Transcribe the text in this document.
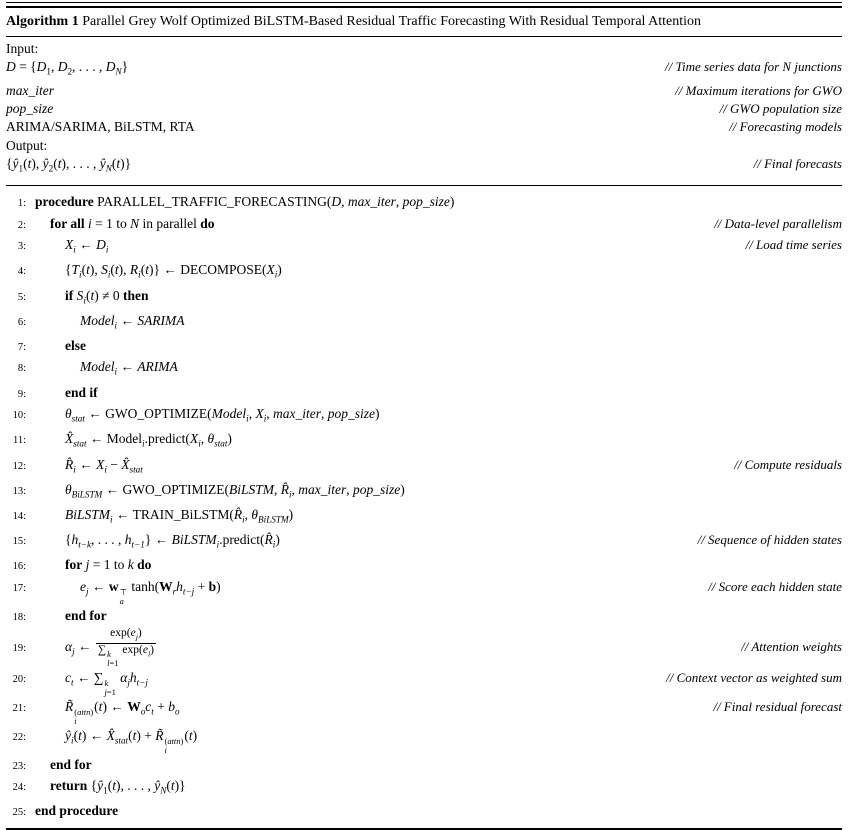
Algorithm 1 Parallel Grey Wolf Optimized BiLSTM-Based Residual Traffic Forecasting With Residual Temporal Attention
Input:
$D = \{D_1$, $D_2$, . . . , $D_N$}	// Time series data for N junctions
max_iter	// Maximum iterations for GWO
pop_size	// GWO population size
ARIMA/SARIMA, BiLSTM, RTA	// Forecasting models
Output:
{$ŷ_1(t)$, $ŷ_2(t)$, . . . , $ŷ_N(t)$}	// Final forecasts
1: procedure PARALLEL_TRAFFIC_FORECASTING(D, max_iter, pop_size)
2:	for all i = 1 to N in parallel do	// Data-level parallelism
3:	$X_i$ ← $D_i$	// Load time series
4:	{$T_i(t)$, $S_i(t)$, $R_i(t)$} ← $DECOMPOSE(X_i)$
5:	if $S_i(t) \ne 0$ then
6:	Model$_i$ ← SARIMA
7:	else
8:	Model$_i$ ← ARIMA
9:	end if
10:	$\theta_{stat}$ ← GWO_OPTIMIZE(Model$_i$, $X_i$, max_iter, pop_size)
11:	$X̂_{stat}$ ← $Model_i.predict(X_i$, $\theta_{stat}$)
12:	$R̂_i$ ← $X_i$ − $X̂_{stat}$	// Compute residuals
13:	$\theta_{BiLSTM}$ ← GWO_OPTIMIZE(BiLSTM, $R̂_i$, max_iter, pop_size)
14:	BiLSTM$_i$ ← $TRAIN\_BiLSTM(R̂_i$, $\theta_{BiLSTM}$)
15:	{$h_{t-k}$, . . . , $h_{t-1}$} ← $BiLSTM_i.predict(R̂_i)$	// Sequence of hidden states
16:	for j = 1 to k do
17:	$e_j$ ← w ⊤
a
$\tanh(W_rh_{t-j} + b)$	// Score each hidden state
18:	end for
19:	$\alpha_j$ ← $\exp(e_j)$
∑ k
l=1
$\exp(e_l)$	// Attention weights
20:	$c_t$ ← ∑ k
j=1
$\alpha_jh_{t-j}$	// Context vector as weighted sum
21:	R̃ (attn)
i
(t) ← $W_oc_t + b_o$	// Final residual forecast
22:	$ŷ_i(t)$ ← $X̂_{stat}(t)$ + R̃ (attn)
i
(t)
23:	end for
24:	return {$ŷ_1(t)$, . . . , $ŷ_N(t)$}
25: end procedure
